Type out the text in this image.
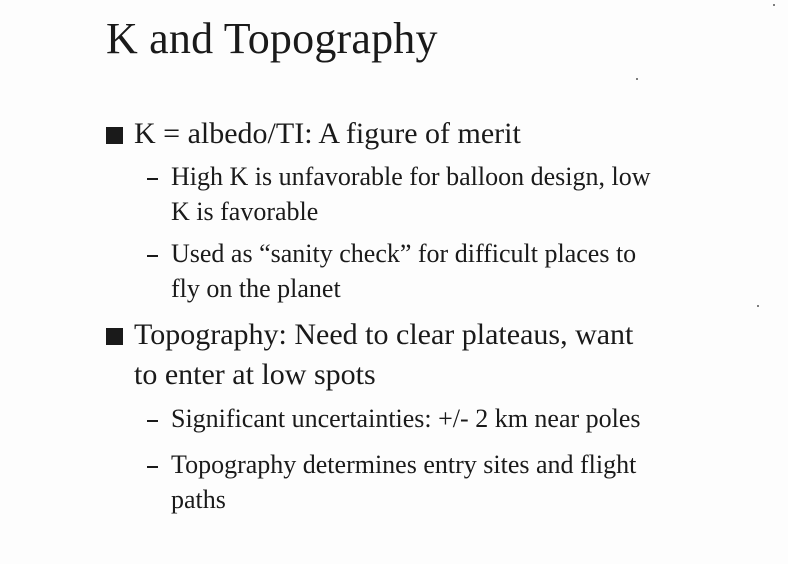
K and Topography
K = albedo/TI: A figure of merit
High K is unfavorable for balloon design, low
K is favorable
Used as “sanity check” for difficult places to
fly on the planet
Topography: Need to clear plateaus, want
to enter at low spots
Significant uncertainties: +/- 2 km near poles
Topography determines entry sites and flight
paths
